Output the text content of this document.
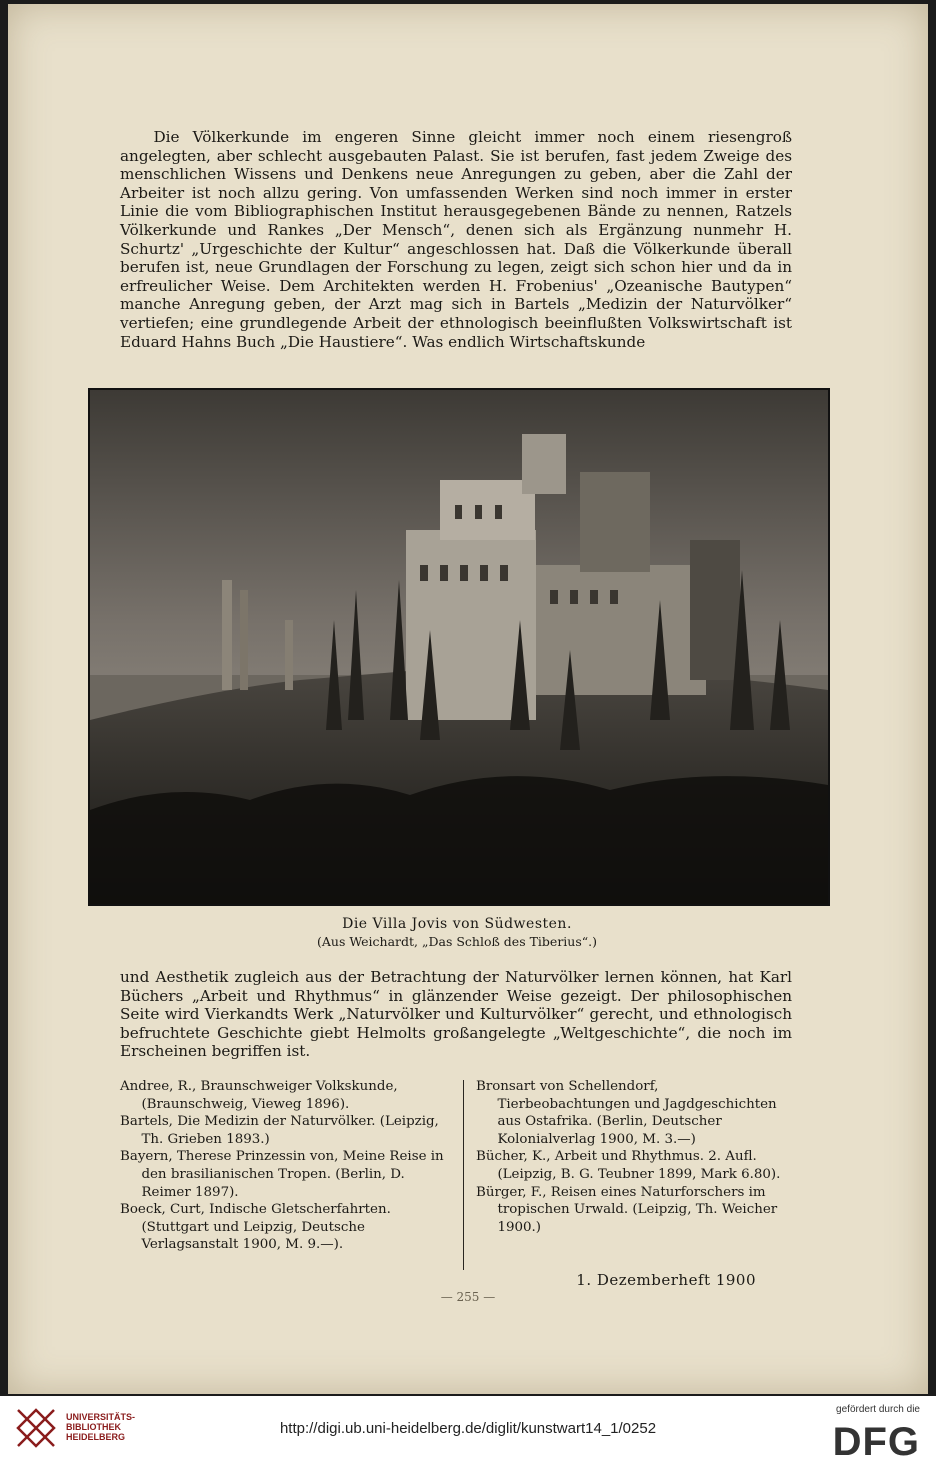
Die Völkerkunde im engeren Sinne gleicht immer noch einem riesengroß angelegten, aber schlecht ausgebauten Palast. Sie ist berufen, fast jedem Zweige des menschlichen Wissens und Denkens neue Anregungen zu geben, aber die Zahl der Arbeiter ist noch allzu gering. Von umfassenden Werken sind noch immer in erster Linie die vom Bibliographischen Institut herausgegebenen Bände zu nennen, Ratzels Völkerkunde und Rankes „Der Mensch“, denen sich als Ergänzung nunmehr H. Schurtz' „Urgeschichte der Kultur“ angeschlossen hat. Daß die Völkerkunde überall berufen ist, neue Grundlagen der Forschung zu legen, zeigt sich schon hier und da in erfreulicher Weise. Dem Architekten werden H. Frobenius' „Ozeanische Bautypen“ manche Anregung geben, der Arzt mag sich in Bartels „Medizin der Naturvölker“ vertiefen; eine grundlegende Arbeit der ethnologisch beeinflußten Volkswirtschaft ist Eduard Hahns Buch „Die Haustiere“. Was endlich Wirtschaftskunde

Die Villa Jovis von Südwesten.
(Aus Weichardt, „Das Schloß des Tiberius“.)

und Aesthetik zugleich aus der Betrachtung der Naturvölker lernen können, hat Karl Büchers „Arbeit und Rhythmus“ in glänzender Weise gezeigt. Der philosophischen Seite wird Vierkandts Werk „Naturvölker und Kulturvölker“ gerecht, und ethnologisch befruchtete Geschichte giebt Helmolts großangelegte „Weltgeschichte“, die noch im Erscheinen begriffen ist.

Andree, R., Braunschweiger Volkskunde, (Braunschweig, Vieweg 1896).

Bartels, Die Medizin der Naturvölker. (Leipzig, Th. Grieben 1893.)

Bayern, Therese Prinzessin von, Meine Reise in den brasilianischen Tropen. (Berlin, D. Reimer 1897).

Boeck, Curt, Indische Gletscherfahrten. (Stuttgart und Leipzig, Deutsche Verlagsanstalt 1900, M. 9.—).

Bronsart von Schellendorf, Tierbeobachtungen und Jagdgeschichten aus Ostafrika. (Berlin, Deutscher Kolonialverlag 1900, M. 3.—)

Bücher, K., Arbeit und Rhythmus. 2. Aufl. (Leipzig, B. G. Teubner 1899, Mark 6.80).

Bürger, F., Reisen eines Naturforschers im tropischen Urwald. (Leipzig, Th. Weicher 1900.)

1. Dezemberheft 1900
— 255 —
UNIVERSITÄTS-
BIBLIOTHEK
HEIDELBERG	http://digi.ub.uni-heidelberg.de/diglit/kunstwart14_1/0252
gefördert durch die
DFG
